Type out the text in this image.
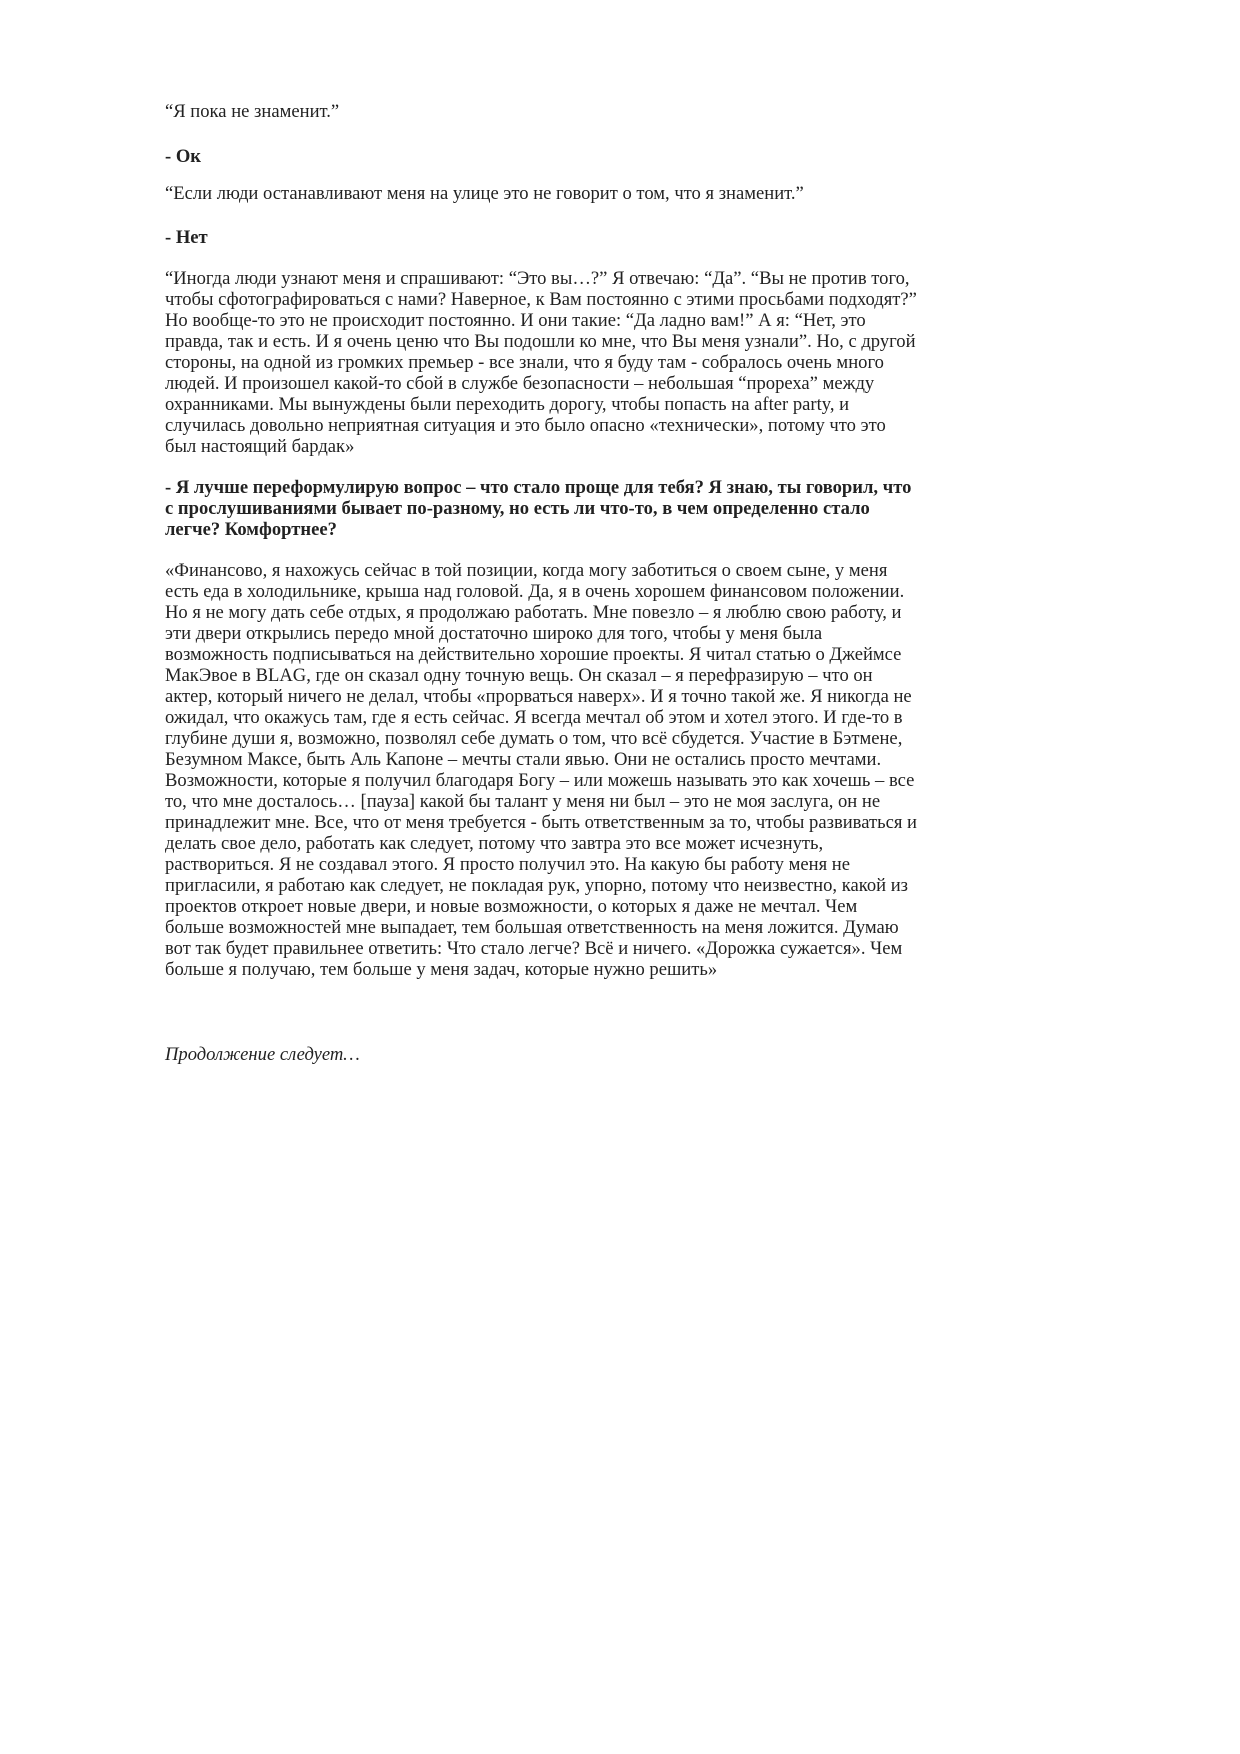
“Я пока не знаменит.”

- Ок

“Если люди останавливают меня на улице это не говорит о том, что я знаменит.”

- Нет

“Иногда люди узнают меня и спрашивают: “Это вы…?” Я отвечаю: “Да”. “Вы не против того,
чтобы сфотографироваться с нами? Наверное, к Вам постоянно с этими просьбами подходят?”
Но вообще-то это не происходит постоянно. И они такие: “Да ладно вам!” А я: “Нет, это
правда, так и есть. И я очень ценю что Вы подошли ко мне, что Вы меня узнали”. Но, с другой
стороны, на одной из громких премьер - все знали, что я буду там - собралось очень много
людей. И произошел какой-то сбой в службе безопасности – небольшая “прореха” между
охранниками. Мы вынуждены были переходить дорогу, чтобы попасть на after party, и
случилась довольно неприятная ситуация и это было опасно «технически», потому что это
был настоящий бардак»

- Я лучше переформулирую вопрос – что стало проще для тебя? Я знаю, ты говорил, что
с прослушиваниями бывает по-разному, но есть ли что-то, в чем определенно стало
легче? Комфортнее?

«Финансово, я нахожусь сейчас в той позиции, когда могу заботиться о своем сыне, у меня
есть еда в холодильнике, крыша над головой. Да, я в очень хорошем финансовом положении.
Но я не могу дать себе отдых, я продолжаю работать. Мне повезло – я люблю свою работу, и
эти двери открылись передо мной достаточно широко для того, чтобы у меня была
возможность подписываться на действительно хорошие проекты. Я читал статью о Джеймсе
МакЭвое в BLAG, где он сказал одну точную вещь. Он сказал – я перефразирую – что он
актер, который ничего не делал, чтобы «прорваться наверх». И я точно такой же. Я никогда не
ожидал, что окажусь там, где я есть сейчас. Я всегда мечтал об этом и хотел этого. И где-то в
глубине души я, возможно, позволял себе думать о том, что всё сбудется. Участие в Бэтмене,
Безумном Максе, быть Аль Капоне – мечты стали явью. Они не остались просто мечтами.
Возможности, которые я получил благодаря Богу – или можешь называть это как хочешь – все
то, что мне досталось… [пауза] какой бы талант у меня ни был – это не моя заслуга, он не
принадлежит мне. Все, что от меня требуется - быть ответственным за то, чтобы развиваться и
делать свое дело, работать как следует, потому что завтра это все может исчезнуть,
раствориться. Я не создавал этого. Я просто получил это. На какую бы работу меня не
пригласили, я работаю как следует, не покладая рук, упорно, потому что неизвестно, какой из
проектов откроет новые двери, и новые возможности, о которых я даже не мечтал. Чем
больше возможностей мне выпадает, тем большая ответственность на меня ложится. Думаю
вот так будет правильнее ответить: Что стало легче? Всё и ничего. «Дорожка сужается». Чем
больше я получаю, тем больше у меня задач, которые нужно решить»

Продолжение следует…
